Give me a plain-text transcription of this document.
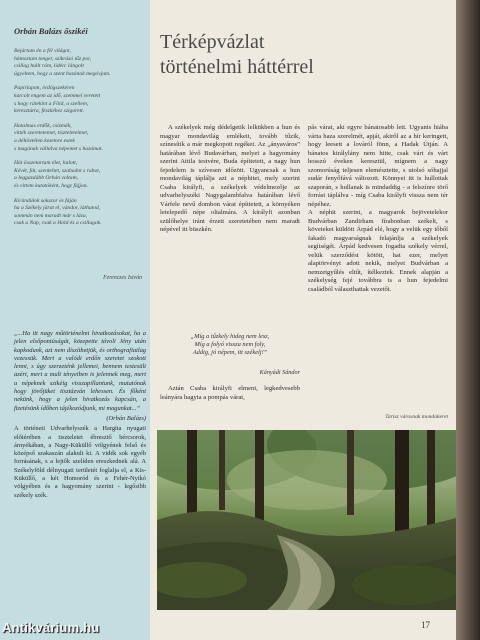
Orbán Balázs őszikéi

Bejártam én a fél világot,
hámoztam tenger, szikrázó tűz por,
csillag hullt rám, lidérc lángolt
ügyeltem, hogy a szent hazának megóvjam.

Papírlapon, ördögszekéren
karcolt engem az idő, szemmel veretett
s hogy rátekint a Föld, a szellem,
keresztútra, fészkéhez szigorett.

Hatalmas erdők, csizmák,
vitték szeretetemet, tiszteleteimet,
a déltövtélen kezemre estek
s magának vállalva népemet s hazámat.

Hát összetartam élet, halott,
Kévét, fát, szenteltet, szabadot s rabot,
a leggazdább Orbán voltam,
és vittem kutatóként, hogy fájjon.

Kirándúlok sokszor és fáján
ha a Székely járat el, vándor, láthatod,
sommán nem maradt már s láza,
csak a Nap, csak a Hold és a csillagok.

Ferenczes István

„...Ha itt nagy műtörténelmi hivatkozásokat, ha a jelen elsőpontúságát, közepette távoli Jény után kapkodunk, azt nem díszíthetjük, és orthografiailag vezessük. Mert a valódi erdőn szeretet szokott lenni, s úgy szerzeténk jellemei, bennem testesült azért, mert a mult tényeiben is jelennek meg, mert a népeknek szikéig visszapillantunk, mutatónak hogy jövőjüket tisztázván lehessen. És főként nekünk, hogy a jelen hivatkozás kapcsán, a fizetésünk ídőben tájékozódjunk, mi magunkat...”

(Orbán Balázs)

A történeti Udvarhelyszék a Hargita nyugati előtérében a tiszteletet ébresztő bércsorok, árnyékában, a Nagy-Küküllő völgyének felső és középső szakaszán alakult ki. A vidék sok egyéb forrásának, s a lejtők szelíden ereszkednek alá. A Székelyföld délnyugati területét foglalja el, a Kis-Küküllő, a két Homoród és a Fehér-Nyikó völgyében és a hagyomány szerint - legősibb székely szék.

Térképvázlat
történelmi háttérrel

A székelyek még dédelgetik lelkükben a hun és magyar mondavilág emlékeit, tovább tűzik, színesítik a már megkopott regéket. Az „ányavárosˮ határában lévő Budavárban, melyet a hagyomány szerint Attila testvére, Buda építtetett, a nagy hun fejedelem is szívesen időzött. Ugyancsak a hun mondavilág táplálja azt a néphitet, mely szerint Csaba királyfi, a székelyek védelmezője az udvarhelyszéki Nagygalambfalva határában lévő Várfele nevű dombon várat építtetett, a környéken letelepedő népe oltalmára. A királyfi azonban szülőhelye iránt érzett szeretetében nem maradt népével itt büszkén.

„Míg a tűzkely hideg nem lesz,
Míg a folyó vissza nem foly,
Addig, jó népem, itt székelj!ˮ
Kányádi Sándor

Aztán Csaba királyfi elment, legkedvesebb leányára hagyta a pompás várat,

pás várat, aki egyre bánatosabb lett. Ugyanis hiába várta haza szerelmét, apját, akiről az a hír keringett, hogy leesett a lováról fönn, a Hadak Útján. A bánatos királylány nem hitte, csak várt és várt hosszú éveken keresztül, mígnem a nagy szomorúság teljesen elemésztette, s utolsó sóhajjal sudár fenyőfává változott. Könnyei itt is hullottak szaporán, s hullanak is mindaddig - a felszínre törő forrást táplálva - míg Csaba királyfi vissza nem tér népéhez.
A néphit szerint, a magyarok bejövetelekor Budvárban Zandirham fírabonban székelt, s követeket küldött Árpád elé, hogy a velük egy tőből fakadó magyarságnak felajánlja a székelyek segítségét. Árpád kedvesen fogadta székely vérrel, velük szerződést kötött, hat ezer, melyet alaptörvényt adott nekik, melyet Budvárban a nemzetgyűlés eltűt, ítélkeztek. Ennek alapján a székelység fejé továbbra is a hun fejedelmi családból választhattak vezetőt.

Tarisz városnak mondakeret
17
Antikvárium.hu
